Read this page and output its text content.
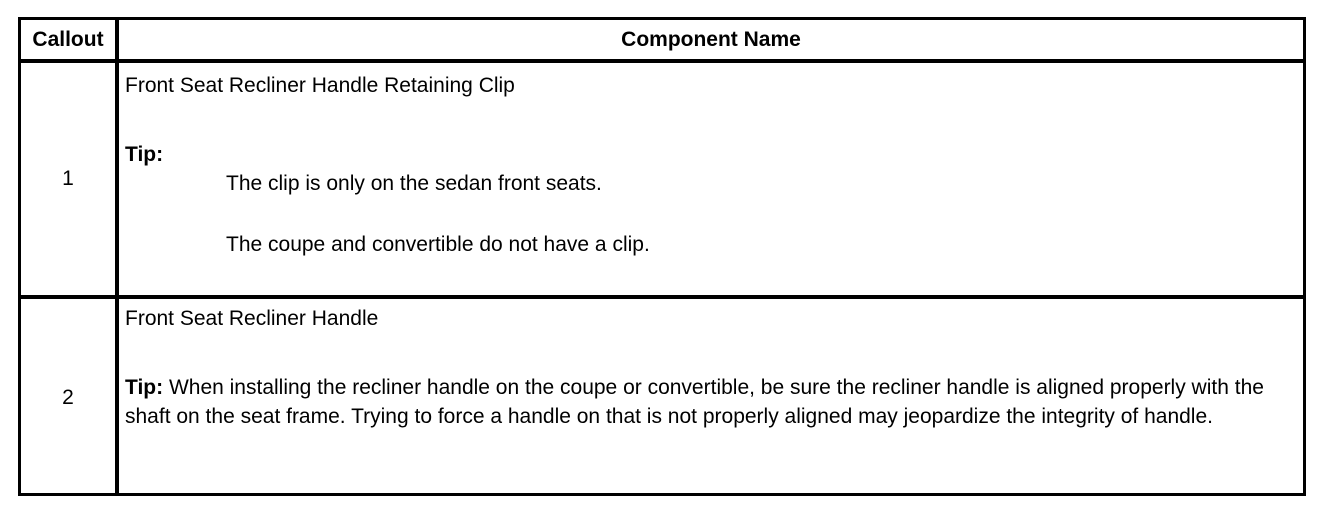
Callout	Component Name
1
Front Seat Recliner Handle Retaining Clip
Tip:
The clip is only on the sedan front seats.
The coupe and convertible do not have a clip.
2
Front Seat Recliner Handle
Tip: When installing the recliner handle on the coupe or convertible, be sure the recliner handle is aligned properly with the shaft on the seat frame. Trying to force a handle on that is not properly aligned may jeopardize the integrity of handle.
